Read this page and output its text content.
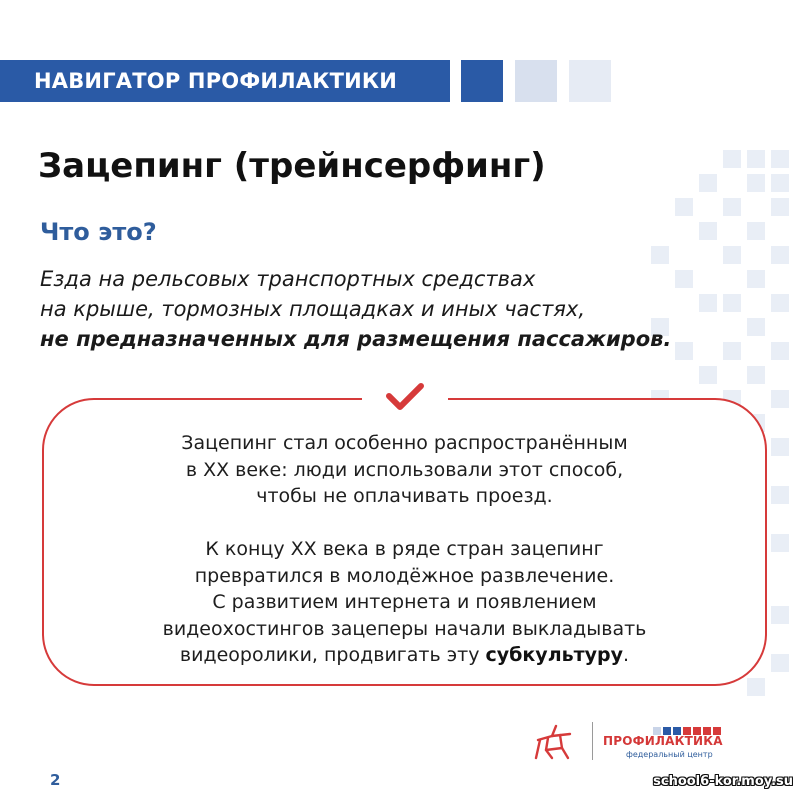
НАВИГАТОР ПРОФИЛАКТИКИ
Зацепинг (трейнсерфинг)
Что это?
Езда на рельсовых транспортных средствах
на крыше, тормозных площадках и иных частях,
не предназначенных для размещения пассажиров.
Зацепинг стал особенно распространённым
в XX веке: люди использовали этот способ,
чтобы не оплачивать проезд.
К концу XX века в ряде стран зацепинг
превратился в молодёжное развлечение.
С развитием интернета и появлением
видеохостингов зацеперы начали выкладывать
видеоролики, продвигать эту субкультуру.
ПРОФИЛАКТИКА
федеральный центр
2	school6-kor.moy.su
